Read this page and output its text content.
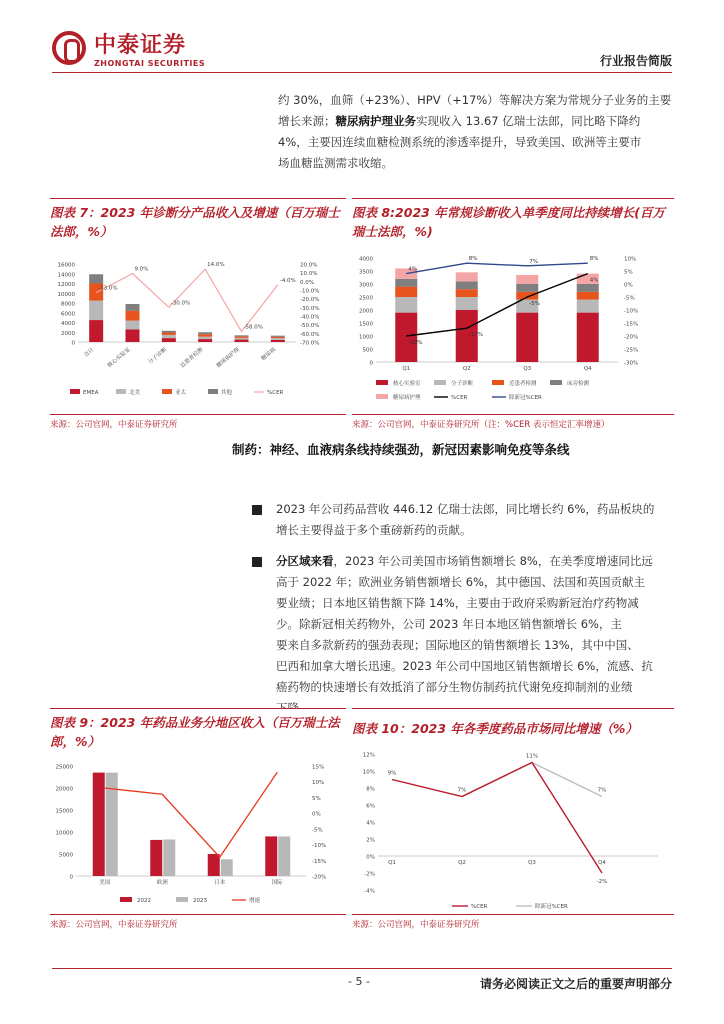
中泰证券
ZHONGTAI SECURITIES	行业报告简版
约 30%，血筛（+23%）、HPV（+17%）等解决方案为常规分子业务的主要
增长来源；糖尿病护理业务实现收入 13.67 亿瑞士法郎，同比略下降约
4%，主要因连续血糖检测系统的渗透率提升，导致美国、欧洲等主要市
场血糖监测需求收缩。
图表 7：2023 年诊断分产品收入及增速（百万瑞士法郎，%）
16000
14000
12000
10000
8000
6000
4000
2000
0
20.0%
10.0%
0.0%
-10.0%
-20.0%
-30.0%
-40.0%
-50.0%
-60.0%
-70.0%
合计 核心实验室	分子诊断 近患者检测 糖尿病护理	糖尿病
-13.0%
9.0%
-30.0%
14.0%
-58.0%
-4.0%
EMEA	北美	亚太	其他	%CER
来源：公司官网，中泰证券研究所
图表 8:2023 年常规诊断收入单季度同比持续增长(百万瑞士法郎，%)
4000
3500
3000
2500
2000
1500
1000
500
0
10%
5%
0%
-5%
-10%
-15%
-20%
-25%
-30%
Q1	Q2	Q3	Q4
-20%
-17%
-5%
4%
4%
8%	7%	8%
核心实验室	分子诊断	近患者检测	床旁检测
糖尿病护理	%CER	除新冠%CER
来源：公司官网，中泰证券研究所（注：%CER 表示恒定汇率增速）
制药：神经、血液病条线持续强劲，新冠因素影响免疫等条线
2023 年公司药品营收 446.12 亿瑞士法郎，同比增长约 6%，药品板块的
增长主要得益于多个重磅新药的贡献。
分区域来看，2023 年公司美国市场销售额增长 8%，在美季度增速同比远
高于 2022 年；欧洲业务销售额增长 6%，其中德国、法国和英国贡献主
要业绩；日本地区销售额下降 14%，主要由于政府采购新冠治疗药物减
少。除新冠相关药物外，公司 2023 年日本地区销售额增长 6%，主
要来自多款新药的强劲表现；国际地区的销售额增长 13%，其中中国、
巴西和加拿大增长迅速。2023 年公司中国地区销售额增长 6%，流感、抗
癌药物的快速增长有效抵消了部分生物仿制药抗代谢免疫抑制剂的业绩
图表 9：2023 年药品业务分地区收入（百万瑞士法郎，%）
25000
20000
15000
10000
5000
0
15%
10%
5%
0%
-5%
-10%
-15%
-20%
美国	欧洲	日本	国际
2022	2023	增速
来源：公司官网，中泰证券研究所
图表 10：2023 年各季度药品市场同比增速（%）
12%
10%
8%
6%
4%
2%
0%
-2%
-4%
Q1	Q2	Q3	Q4
9%
7%
11%
7%
-2%
%CER	除新冠%CER
来源：公司官网，中泰证券研究所
- 5 -	请务必阅读正文之后的重要声明部分
